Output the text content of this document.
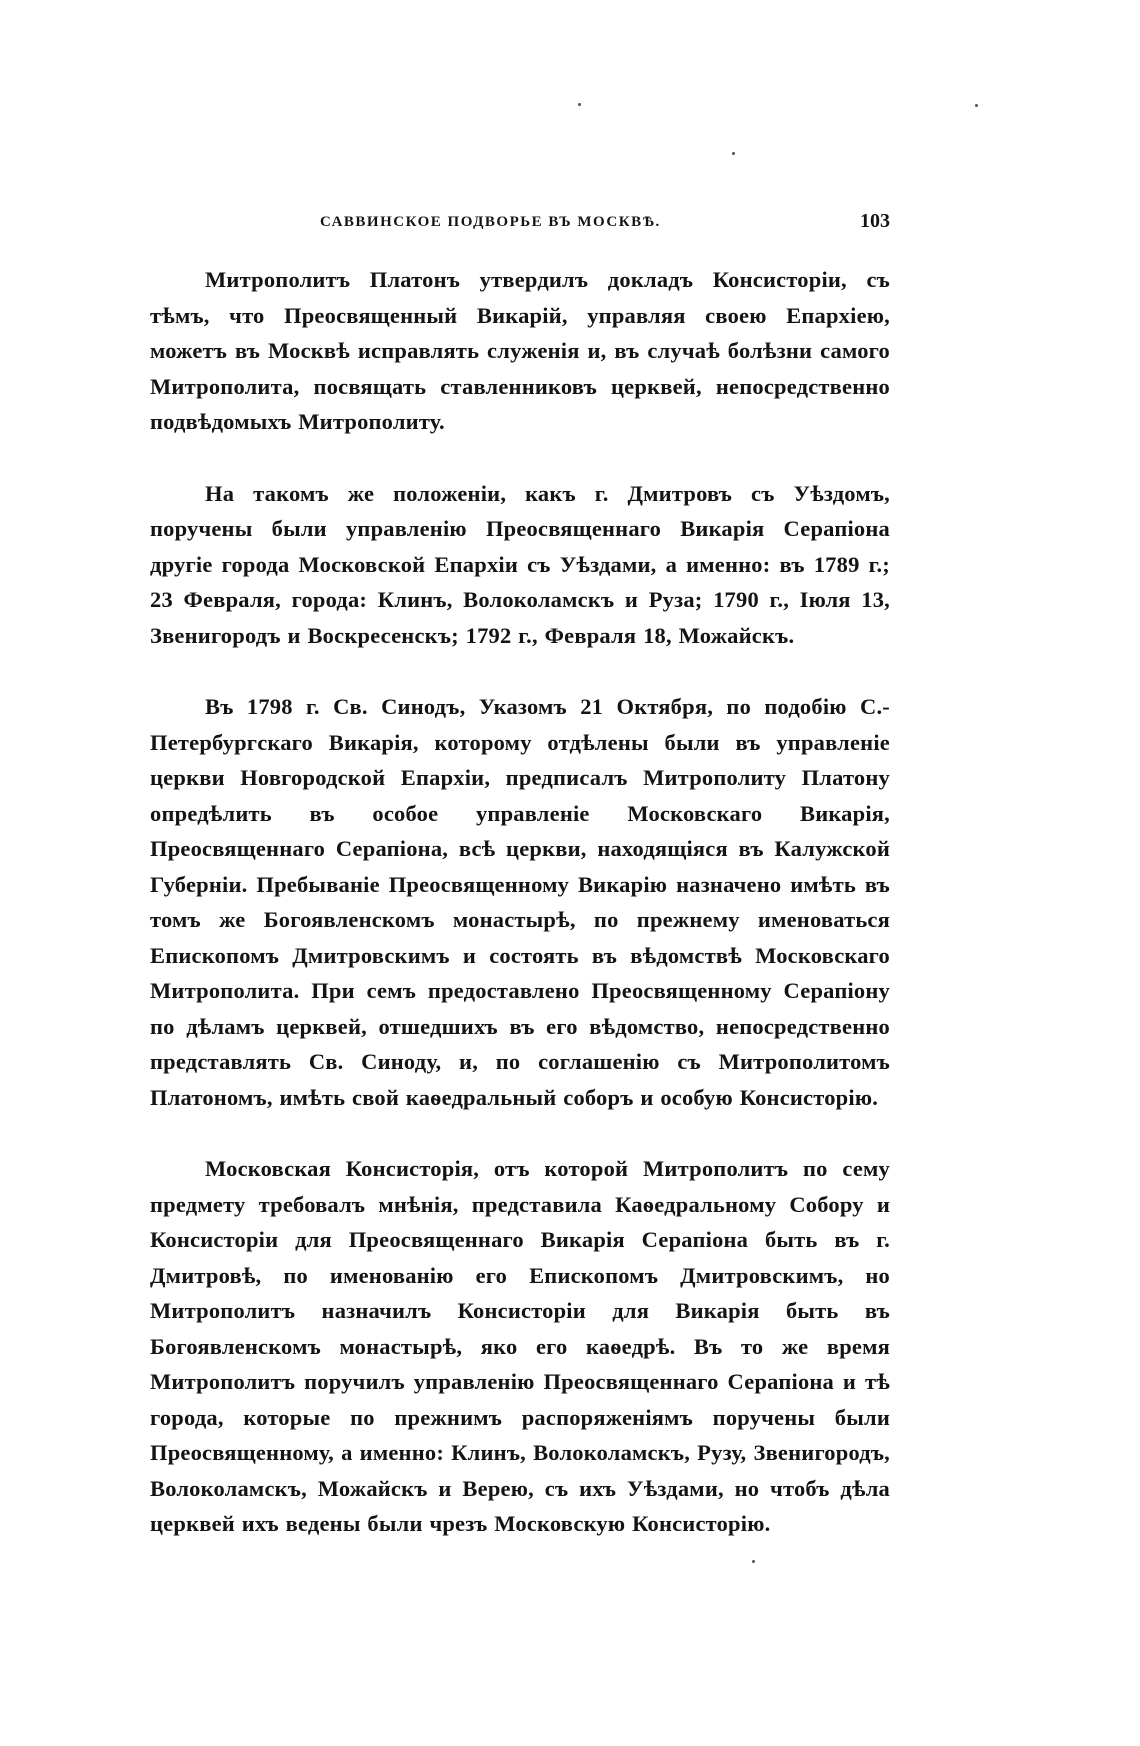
САВВИНСКОЕ ПОДВОРЬЕ ВЪ МОСКВѢ.	103

Митрополитъ Платонъ утвердилъ докладъ Консисторіи, съ тѣмъ, что Преосвященный Викарій, управляя своею Епархіею, можетъ въ Москвѣ исправлять служенія и, въ случаѣ болѣзни самого Митрополита, посвящать ставленниковъ церквей, непосредственно подвѣдомыхъ Митрополиту.

На такомъ же положеніи, какъ г. Дмитровъ съ Уѣздомъ, поручены были управленію Преосвященнаго Викарія Серапіона другіе города Московской Епархіи съ Уѣздами, а именно: въ 1789 г.; 23 Февраля, города: Клинъ, Волоколамскъ и Руза; 1790 г., Іюля 13, Звенигородъ и Воскресенскъ; 1792 г., Февраля 18, Можайскъ.

Въ 1798 г. Св. Синодъ, Указомъ 21 Октября, по подобію С.-Петербургскаго Викарія, которому отдѣлены были въ управленіе церкви Новгородской Епархіи, предписалъ Митрополиту Платону опредѣлить въ особое управленіе Московскаго Викарія, Преосвященнаго Серапіона, всѣ церкви, находящіяся въ Калужской Губерніи. Пребываніе Преосвященному Викарію назначено имѣть въ томъ же Богоявленскомъ монастырѣ, по прежнему именоваться Епископомъ Дмитровскимъ и состоять въ вѣдомствѣ Московскаго Митрополита. При семъ предоставлено Преосвященному Серапіону по дѣламъ церквей, отшедшихъ въ его вѣдомство, непосредственно представлять Св. Синоду, и, по соглашенію съ Митрополитомъ Платономъ, имѣть свой каѳедральный соборъ и особую Консисторію.

Московская Консисторія, отъ которой Митрополитъ по сему предмету требовалъ мнѣнія, представила Каѳедральному Собору и Консисторіи для Преосвященнаго Викарія Серапіона быть въ г. Дмитровѣ, по именованію его Епископомъ Дмитровскимъ, но Митрополитъ назначилъ Консисторіи для Викарія быть въ Богоявленскомъ монастырѣ, яко его каѳедрѣ. Въ то же время Митрополитъ поручилъ управленію Преосвященнаго Серапіона и тѣ города, которые по прежнимъ распоряженіямъ поручены были Преосвященному, а именно: Клинъ, Волоколамскъ, Рузу, Звенигородъ, Волоколамскъ, Можайскъ и Верею, съ ихъ Уѣздами, но чтобъ дѣла церквей ихъ ведены были чрезъ Московскую Консисторію.
